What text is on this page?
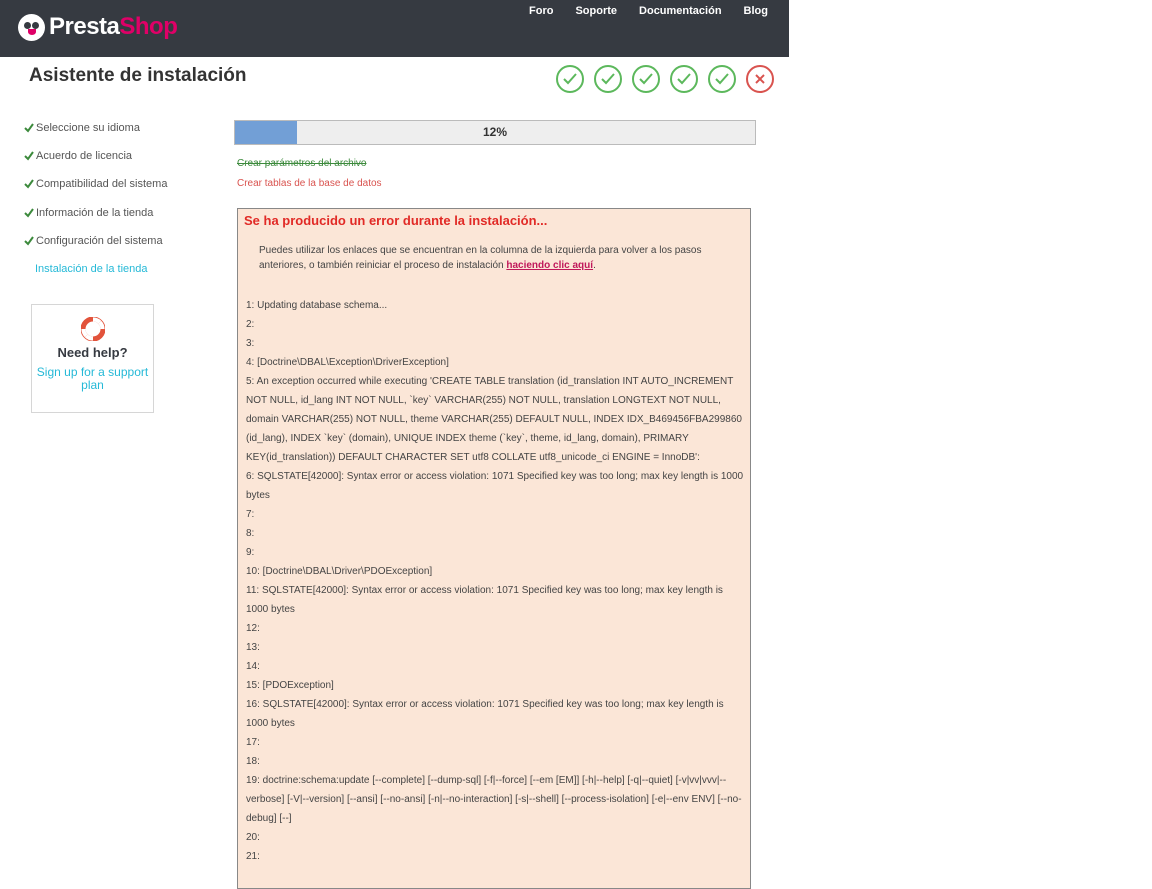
PrestaShop
Foro	Soporte	Documentación	Blog
Asistente de instalación
Seleccione su idioma
Acuerdo de licencia
Compatibilidad del sistema
Información de la tienda
Configuración del sistema
Instalación de la tienda
Need help?
Sign up for a support plan
12%
Crear parámetros del archivo
Crear tablas de la base de datos
Se ha producido un error durante la instalación...
Puedes utilizar los enlaces que se encuentran en la columna de la izquierda para volver a los pasos anteriores, o también reiniciar el proceso de instalación haciendo clic aquí.
1: Updating database schema...
2:
3:
4: [Doctrine\DBAL\Exception\DriverException]
5: An exception occurred while executing 'CREATE TABLE translation (id_translation INT AUTO_INCREMENT NOT NULL, id_lang INT NOT NULL, `key` VARCHAR(255) NOT NULL, translation LONGTEXT NOT NULL, domain VARCHAR(255) NOT NULL, theme VARCHAR(255) DEFAULT NULL, INDEX IDX_B469456FBA299860 (id_lang), INDEX `key` (domain), UNIQUE INDEX theme (`key`, theme, id_lang, domain), PRIMARY KEY(id_translation)) DEFAULT CHARACTER SET utf8 COLLATE utf8_unicode_ci ENGINE = InnoDB':
6: SQLSTATE[42000]: Syntax error or access violation: 1071 Specified key was too long; max key length is 1000 bytes
7:
8:
9:
10: [Doctrine\DBAL\Driver\PDOException]
11: SQLSTATE[42000]: Syntax error or access violation: 1071 Specified key was too long; max key length is 1000 bytes
12:
13:
14:
15: [PDOException]
16: SQLSTATE[42000]: Syntax error or access violation: 1071 Specified key was too long; max key length is 1000 bytes
17:
18:
19: doctrine:schema:update [--complete] [--dump-sql] [-f|--force] [--em [EM]] [-h|--help] [-q|--quiet] [-v|vv|vvv|--verbose] [-V|--version] [--ansi] [--no-ansi] [-n|--no-interaction] [-s|--shell] [--process-isolation] [-e|--env ENV] [--no-debug] [--]
20:
21:
